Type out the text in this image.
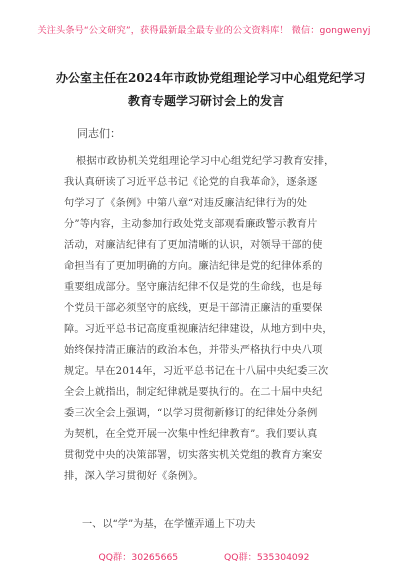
关注头条号“公文研究”，获得最新最全最专业的公文资料库！ 微信：gongwenyj
办公室主任在2024年市政协党组理论学习中心组党纪学习
教育专题学习研讨会上的发言
同志们：
根据市政协机关党组理论学习中心组党纪学习教育安排，
我认真研读了习近平总书记《论党的自我革命》，逐条逐
句学习了《条例》中第八章“对违反廉洁纪律行为的处
分”等内容，主动参加行政处党支部观看廉政警示教育片
活动，对廉洁纪律有了更加清晰的认识，对领导干部的使
命担当有了更加明确的方向。廉洁纪律是党的纪律体系的
重要组成部分。坚守廉洁纪律不仅是党的生命线，也是每
个党员干部必须坚守的底线，更是干部清正廉洁的重要保
障。习近平总书记高度重视廉洁纪律建设，从地方到中央，
始终保持清正廉洁的政治本色，并带头严格执行中央八项
规定。早在2014年，习近平总书记在十八届中央纪委三次
全会上就指出，制定纪律就是要执行的。在二十届中央纪
委三次全会上强调，“以学习贯彻新修订的纪律处分条例
为契机，在全党开展一次集中性纪律教育”。我们要认真
贯彻党中央的决策部署，切实落实机关党组的教育方案安
排，深入学习贯彻好《条例》。
一、以“学”为基，在学懂弄通上下功夫
QQ群：30265665	QQ群：535304092
